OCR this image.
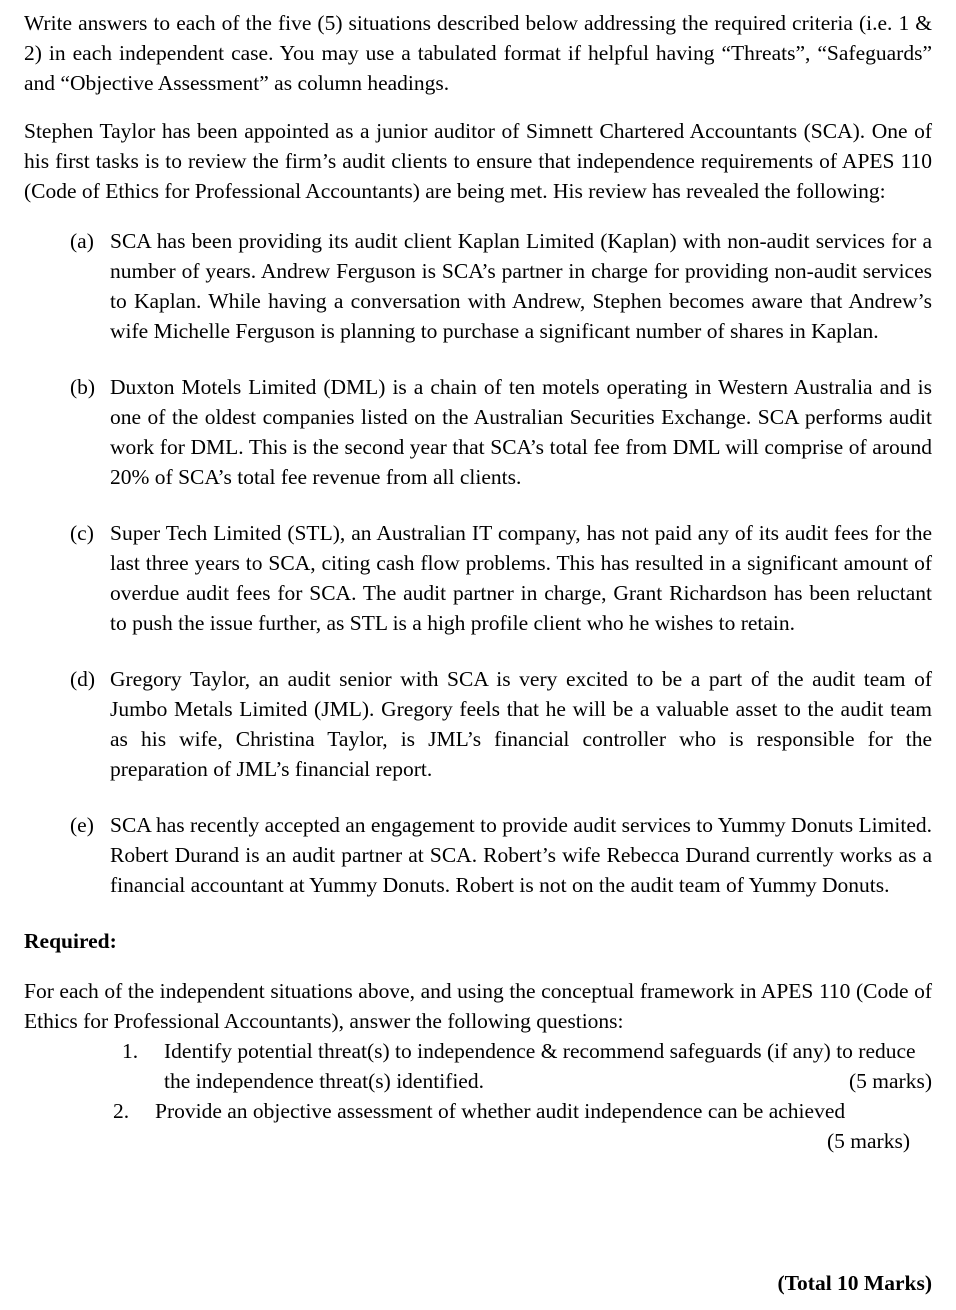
Write answers to each of the five (5) situations described below addressing the required criteria (i.e. 1 & 2) in each independent case. You may use a tabulated format if helpful having “Threats”, “Safeguards” and “Objective Assessment” as column headings.

Stephen Taylor has been appointed as a junior auditor of Simnett Chartered Accountants (SCA). One of his first tasks is to review the firm’s audit clients to ensure that independence requirements of APES 110 (Code of Ethics for Professional Accountants) are being met. His review has revealed the following:

(a) SCA has been providing its audit client Kaplan Limited (Kaplan) with non-audit services for a number of years. Andrew Ferguson is SCA’s partner in charge for providing non-audit services to Kaplan. While having a conversation with Andrew, Stephen becomes aware that Andrew’s wife Michelle Ferguson is planning to purchase a significant number of shares in Kaplan.
(b) Duxton Motels Limited (DML) is a chain of ten motels operating in Western Australia and is one of the oldest companies listed on the Australian Securities Exchange. SCA performs audit work for DML. This is the second year that SCA’s total fee from DML will comprise of around 20% of SCA’s total fee revenue from all clients.
(c) Super Tech Limited (STL), an Australian IT company, has not paid any of its audit fees for the last three years to SCA, citing cash flow problems. This has resulted in a significant amount of overdue audit fees for SCA. The audit partner in charge, Grant Richardson has been reluctant to push the issue further, as STL is a high profile client who he wishes to retain.
(d) Gregory Taylor, an audit senior with SCA is very excited to be a part of the audit team of Jumbo Metals Limited (JML). Gregory feels that he will be a valuable asset to the audit team as his wife, Christina Taylor, is JML’s financial controller who is responsible for the preparation of JML’s financial report.
(e) SCA has recently accepted an engagement to provide audit services to Yummy Donuts Limited. Robert Durand is an audit partner at SCA. Robert’s wife Rebecca Durand currently works as a financial accountant at Yummy Donuts. Robert is not on the audit team of Yummy Donuts.
Required:

For each of the independent situations above, and using the conceptual framework in APES 110 (Code of Ethics for Professional Accountants), answer the following questions:

1. Identify potential threat(s) to independence & recommend safeguards (if any) to reduce
the independence threat(s) identified.	(5 marks)
2. Provide an objective assessment of whether audit independence can be achieved
(5 marks)
(Total 10 Marks)
